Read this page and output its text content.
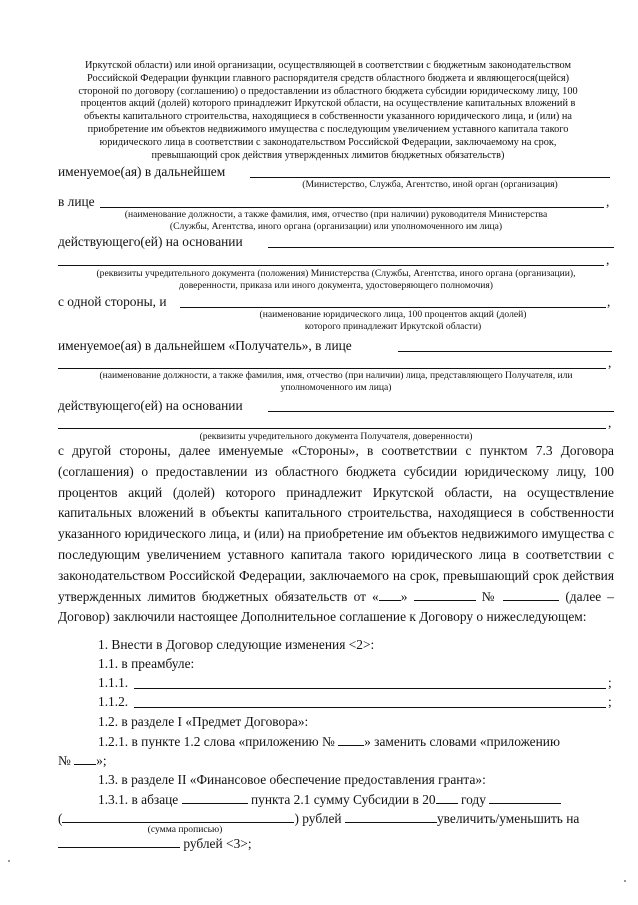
Иркутской области) или иной организации, осуществляющей в соответствии с бюджетным законодательством
Российской Федерации функции главного распорядителя средств областного бюджета и являющегося(щейся)
стороной по договору (соглашению) о предоставлении из областного бюджета субсидии юридическому лицу, 100
процентов акций (долей) которого принадлежит Иркутской области, на осуществление капитальных вложений в
объекты капитального строительства, находящиеся в собственности указанного юридического лица, и (или) на
приобретение им объектов недвижимого имущества с последующим увеличением уставного капитала такого
юридического лица в соответствии с законодательством Российской Федерации, заключаемому на срок,
превышающий срок действия утвержденных лимитов бюджетных обязательств)
именуемое(ая) в дальнейшем
(Министерство, Служба, Агентство, иной орган (организация)
в лице	,
(наименование должности, а также фамилия, имя, отчество (при наличии) руководителя Министерства
(Службы, Агентства, иного органа (организации) или уполномоченного им лица)
действующего(ей) на основании
,
(реквизиты учредительного документа (положения) Министерства (Службы, Агентства, иного органа (организации),
доверенности, приказа или иного документа, удостоверяющего полномочия)
с одной стороны, и	,
(наименование юридического лица, 100 процентов акций (долей)
которого принадлежит Иркутской области)
именуемое(ая) в дальнейшем «Получатель», в лице
,
(наименование должности, а также фамилия, имя, отчество (при наличии) лица, представляющего Получателя, или
уполномоченного им лица)
действующего(ей) на основании
,
(реквизиты учредительного документа Получателя, доверенности)
с другой стороны, далее именуемые «Стороны», в соответствии с пунктом 7.3 Договора (соглашения) о предоставлении из областного бюджета субсидии юридическому лицу, 100 процентов акций (долей) которого принадлежит Иркутской области, на осуществление капитальных вложений в объекты капитального строительства, находящиеся в собственности указанного юридического лица, и (или) на приобретение им объектов недвижимого имущества с последующим увеличением уставного капитала такого юридического лица в соответствии с законодательством Российской Федерации, заключаемого на срок, превышающий срок действия утвержденных лимитов бюджетных обязательств от « »	№	(далее – Договор) заключили настоящее Дополнительное соглашение к Договору о нижеследующем:
1. Внести в Договор следующие изменения <2>:
1.1. в преамбуле:
1.1.1.	;
1.1.2.	;
1.2. в разделе I «Предмет Договора»:
1.2.1. в пункте 1.2 слова «приложению № » заменить словами «приложению
№ »;
1.3. в разделе II «Финансовое обеспечение предоставления гранта»:
1.3.1. в абзаце	пункта 2.1 сумму Субсидии в 20 году
(	) рублей	увеличить/уменьшить на
(сумма прописью)
рублей <3>;
